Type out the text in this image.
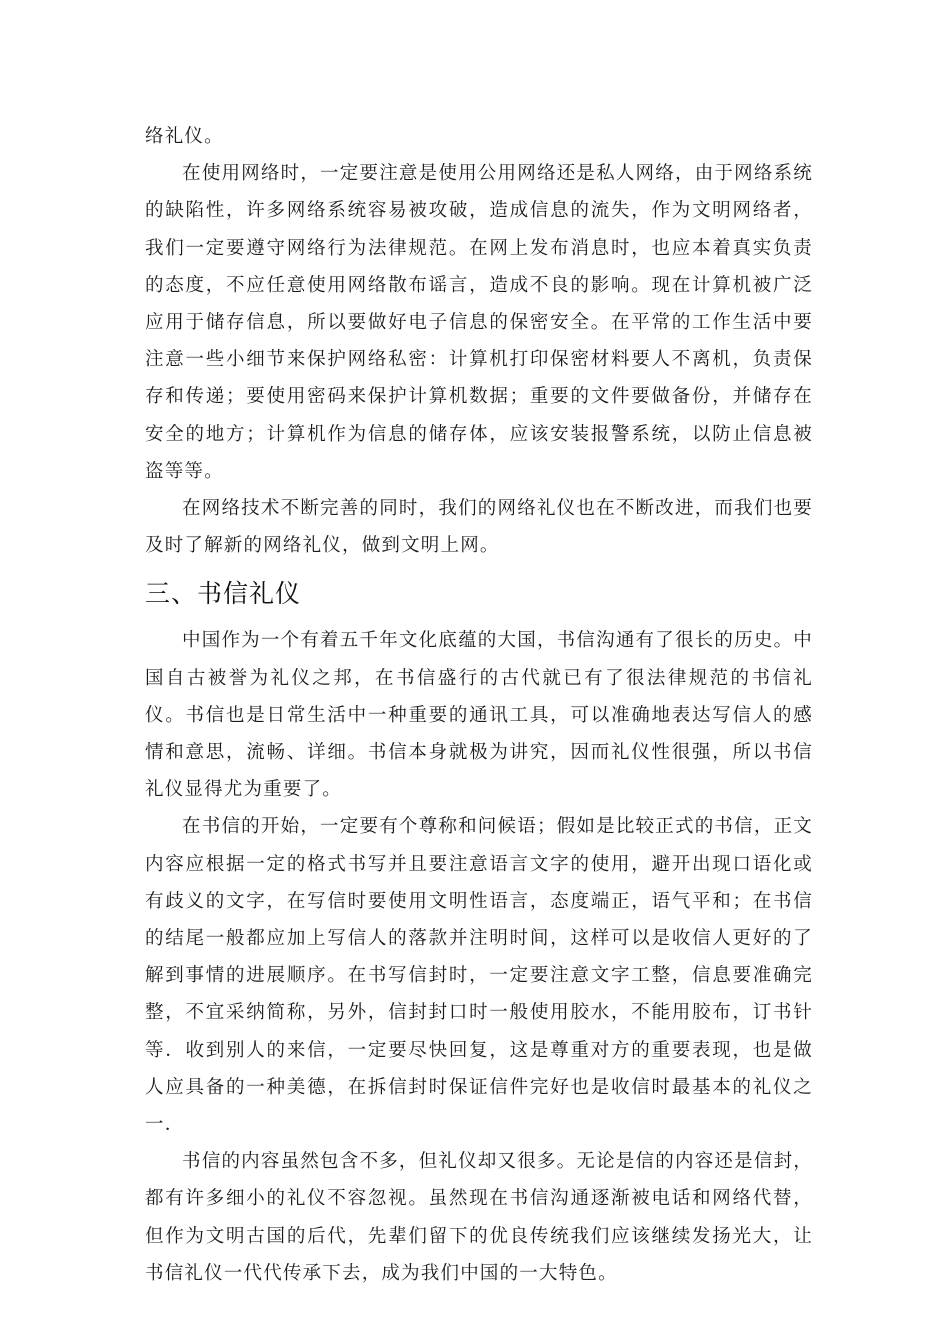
络礼仪。

在使用网络时，一定要注意是使用公用网络还是私人网络，由于网络系统的缺陷性，许多网络系统容易被攻破，造成信息的流失，作为文明网络者，我们一定要遵守网络行为法律规范。在网上发布消息时，也应本着真实负责的态度，不应任意使用网络散布谣言，造成不良的影响。现在计算机被广泛应用于储存信息，所以要做好电子信息的保密安全。在平常的工作生活中要注意一些小细节来保护网络私密：计算机打印保密材料要人不离机，负责保存和传递；要使用密码来保护计算机数据；重要的文件要做备份，并储存在安全的地方；计算机作为信息的储存体，应该安装报警系统，以防止信息被盗等等。

在网络技术不断完善的同时，我们的网络礼仪也在不断改进，而我们也要及时了解新的网络礼仪，做到文明上网。

三、书信礼仪

中国作为一个有着五千年文化底蕴的大国，书信沟通有了很长的历史。中国自古被誉为礼仪之邦，在书信盛行的古代就已有了很法律规范的书信礼仪。书信也是日常生活中一种重要的通讯工具，可以准确地表达写信人的感情和意思，流畅、详细。书信本身就极为讲究，因而礼仪性很强，所以书信礼仪显得尤为重要了。

在书信的开始，一定要有个尊称和问候语；假如是比较正式的书信，正文内容应根据一定的格式书写并且要注意语言文字的使用，避开出现口语化或有歧义的文字，在写信时要使用文明性语言，态度端正，语气平和；在书信的结尾一般都应加上写信人的落款并注明时间，这样可以是收信人更好的了解到事情的进展顺序。在书写信封时，一定要注意文字工整，信息要准确完整，不宜采纳简称，另外，信封封口时一般使用胶水，不能用胶布，订书针等．收到别人的来信，一定要尽快回复，这是尊重对方的重要表现，也是做人应具备的一种美德，在拆信封时保证信件完好也是收信时最基本的礼仪之一．

书信的内容虽然包含不多，但礼仪却又很多。无论是信的内容还是信封，都有许多细小的礼仪不容忽视。虽然现在书信沟通逐渐被电话和网络代替，但作为文明古国的后代，先辈们留下的优良传统我们应该继续发扬光大，让书信礼仪一代代传承下去，成为我们中国的一大特色。
